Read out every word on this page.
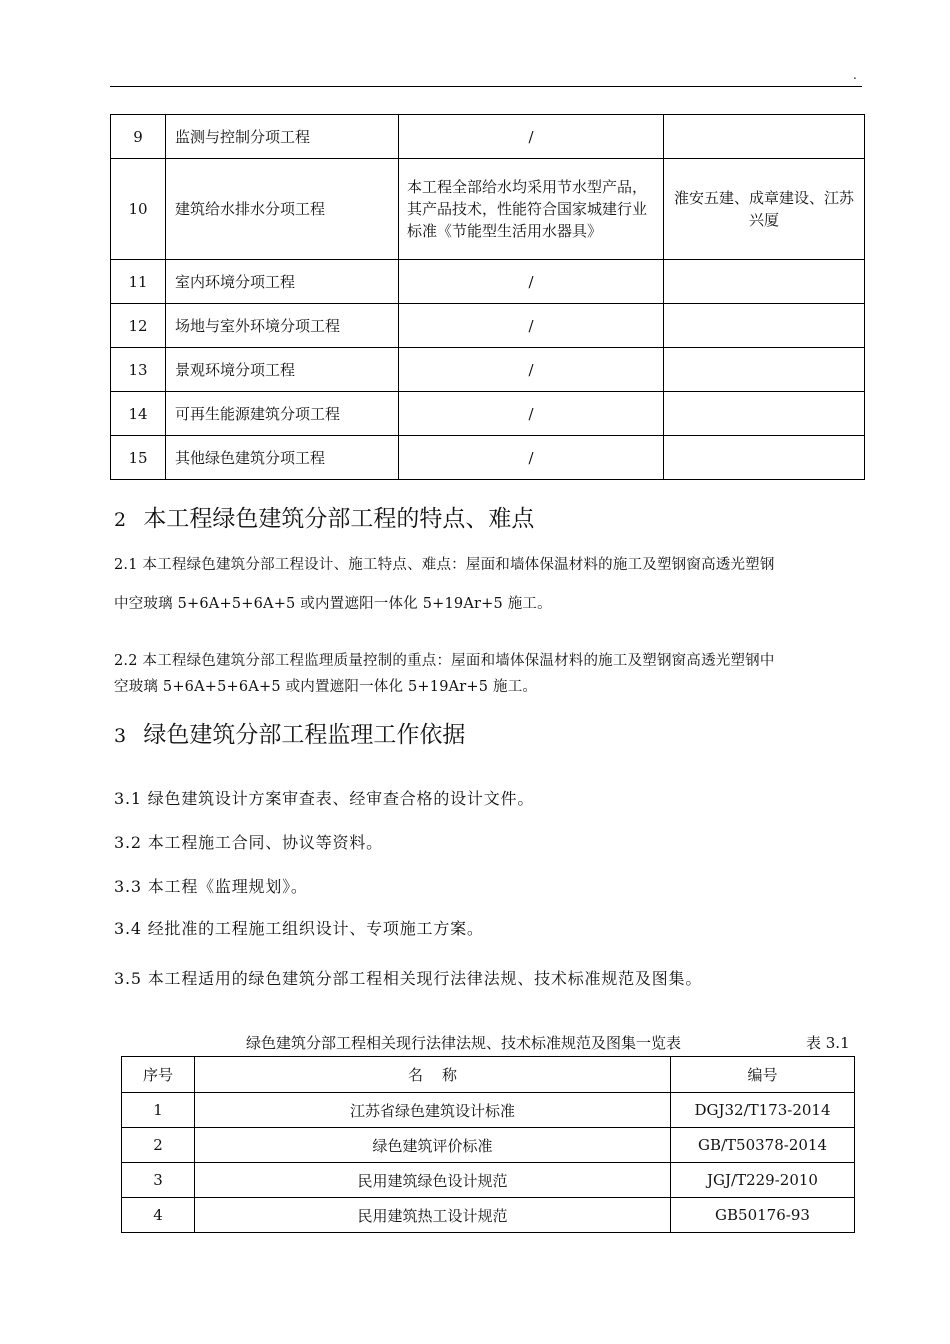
.
9	监测与控制分项工程	/	
10	建筑给水排水分项工程	本工程全部给水均采用节水型产品，其产品技术，性能符合国家城建行业标准《节能型生活用水器具》	淮安五建、成章建设、江苏兴厦
11	室内环境分项工程	/	
12	场地与室外环境分项工程	/	
13	景观环境分项工程	/	
14	可再生能源建筑分项工程	/	
15	其他绿色建筑分项工程	/	
2 本工程绿色建筑分部工程的特点、难点
2.1 本工程绿色建筑分部工程设计、施工特点、难点：屋面和墙体保温材料的施工及塑钢窗高透光塑钢
中空玻璃 5+6A+5+6A+5 或内置遮阳一体化 5+19Ar+5 施工。
2.2 本工程绿色建筑分部工程监理质量控制的重点：屋面和墙体保温材料的施工及塑钢窗高透光塑钢中
空玻璃 5+6A+5+6A+5 或内置遮阳一体化 5+19Ar+5 施工。
3 绿色建筑分部工程监理工作依据
3.1 绿色建筑设计方案审查表、经审查合格的设计文件。
3.2 本工程施工合同、协议等资料。
3.3 本工程《监理规划》。
3.4 经批准的工程施工组织设计、专项施工方案。
3.5 本工程适用的绿色建筑分部工程相关现行法律法规、技术标准规范及图集。
绿色建筑分部工程相关现行法律法规、技术标准规范及图集一览表	表 3.1
序号	名    称	编号
1	江苏省绿色建筑设计标准	DGJ32/T173-2014
2	绿色建筑评价标准	GB/T50378-2014
3	民用建筑绿色设计规范	JGJ/T229-2010
4	民用建筑热工设计规范	GB50176-93
